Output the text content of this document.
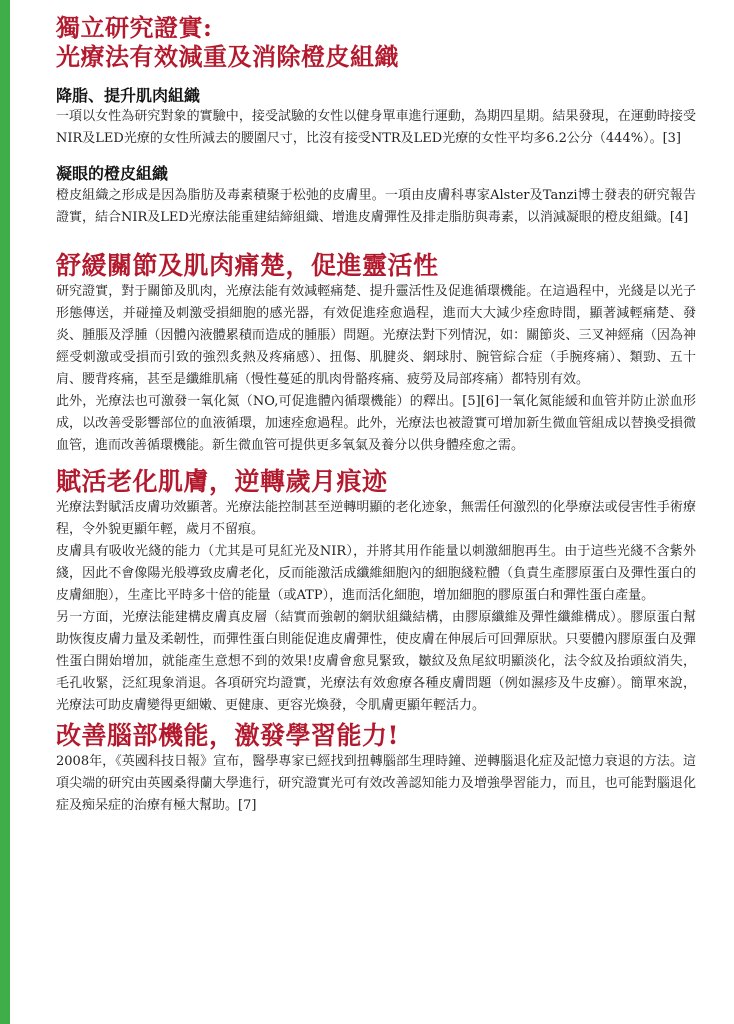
獨立研究證實:
光療法有效減重及消除橙皮組織
降脂、提升肌肉組織

一項以女性為研究對象的實驗中，接受試驗的女性以健身單車進行運動，為期四星期。結果發現，在運動時接受NIR及LED光療的女性所減去的腰圍尺寸，比沒有接受NTR及LED光療的女性平均多6.2公分（444%）。[3]

凝眼的橙皮組織

橙皮組織之形成是因為脂肪及毒素積聚于松弛的皮膚里。一項由皮膚科專家Alster及Tanzi博士發表的研究報告證實，結合NIR及LED光療法能重建結締組織、增進皮膚彈性及排走脂肪與毒素，以消減凝眼的橙皮組織。[4]

舒緩關節及肌肉痛楚，促進靈活性

研究證實，對于關節及肌肉，光療法能有效減輕痛楚、提升靈活性及促進循環機能。在這過程中，光綫是以光子形態傳送，并碰撞及刺激受損細胞的感光器，有效促進痊愈過程，進而大大減少痊愈時間，顯著減輕痛楚、發炎、腫脹及浮腫（因體內液體累積而造成的腫脹）問題。光療法對下列情況，如：關節炎、三叉神經痛（因為神經受刺激或受損而引致的強烈炙熱及疼痛感）、扭傷、肌腱炎、網球肘、腕管綜合症（手腕疼痛）、類勁、五十肩、腰背疼痛，甚至是纖維肌痛（慢性蔓延的肌肉骨骼疼痛、疲勞及局部疼痛）都特別有效。

此外，光療法也可激發一氧化氮（NO,可促進體內循環機能）的釋出。[5][6]一氧化氮能緩和血管并防止淤血形成，以改善受影響部位的血液循環，加速痊愈過程。此外，光療法也被證實可增加新生微血管組成以替換受損微血管，進而改善循環機能。新生微血管可提供更多氧氣及養分以供身體痊愈之需。

賦活老化肌膚，逆轉歲月痕迹

光療法對賦活皮膚功效顯著。光療法能控制甚至逆轉明顯的老化迹象，無需任何激烈的化學療法或侵害性手術療程，令外貌更顯年輕，歲月不留痕。

皮膚具有吸收光綫的能力（尤其是可見紅光及NIR），并將其用作能量以刺激細胞再生。由于這些光綫不含紫外綫，因此不會像陽光般導致皮膚老化，反而能激活成纖維細胞內的細胞綫粒體（負責生產膠原蛋白及彈性蛋白的皮膚細胞），生產比平時多十倍的能量（或ATP），進而活化細胞，增加細胞的膠原蛋白和彈性蛋白產量。

另一方面，光療法能建構皮膚真皮層（結實而強韌的網狀組織結構，由膠原纖維及彈性纖維構成）。膠原蛋白幫助恢復皮膚力量及柔韌性，而彈性蛋白則能促進皮膚彈性，使皮膚在伸展后可回彈原狀。只要體內膠原蛋白及彈性蛋白開始增加，就能產生意想不到的效果!皮膚會愈見緊致，皺紋及魚尾紋明顯淡化，法令紋及抬頭紋消失，毛孔收緊，泛紅現象消退。各項研究均證實，光療法有效愈療各種皮膚問題（例如濕疹及牛皮癬）。簡單來說，光療法可助皮膚變得更細嫩、更健康、更容光煥發，令肌膚更顯年輕活力。

改善腦部機能，激發學習能力!

2008年，《英國科技日報》宣布，醫學專家已經找到扭轉腦部生理時鐘、逆轉腦退化症及記憶力衰退的方法。這項尖端的研究由英國桑得蘭大學進行，研究證實光可有效改善認知能力及增強學習能力，而且，也可能對腦退化症及痴呆症的治療有極大幫助。[7]
